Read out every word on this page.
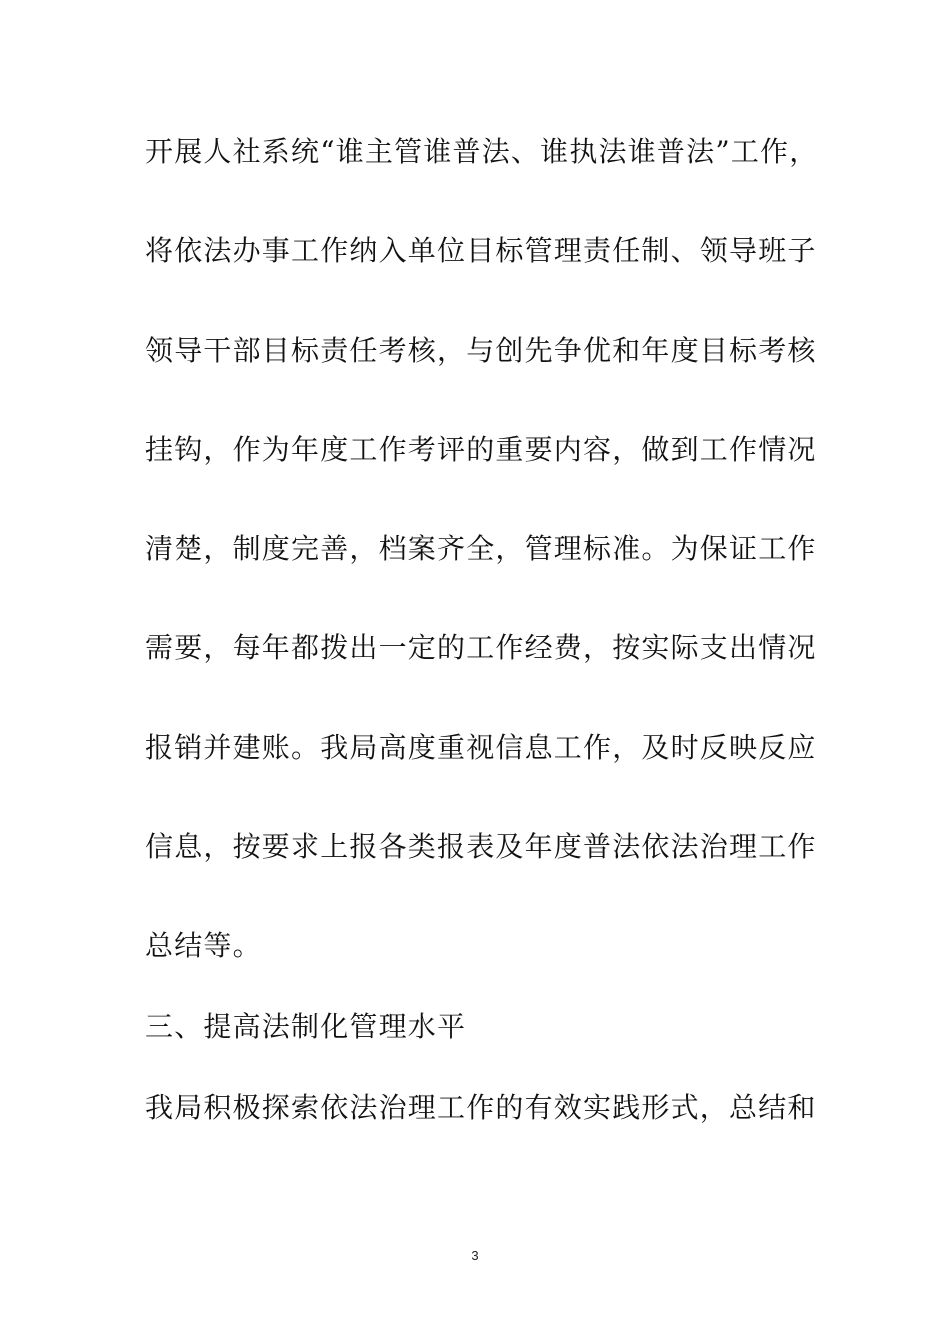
开展人社系统“谁主管谁普法、谁执法谁普法”工作，
将依法办事工作纳入单位目标管理责任制、领导班子
领导干部目标责任考核，与创先争优和年度目标考核
挂钩，作为年度工作考评的重要内容，做到工作情况
清楚，制度完善，档案齐全，管理标准。为保证工作
需要，每年都拨出一定的工作经费，按实际支出情况
报销并建账。我局高度重视信息工作，及时反映反应
信息，按要求上报各类报表及年度普法依法治理工作
总结等。
三、提高法制化管理水平
我局积极探索依法治理工作的有效实践形式，总结和
3
